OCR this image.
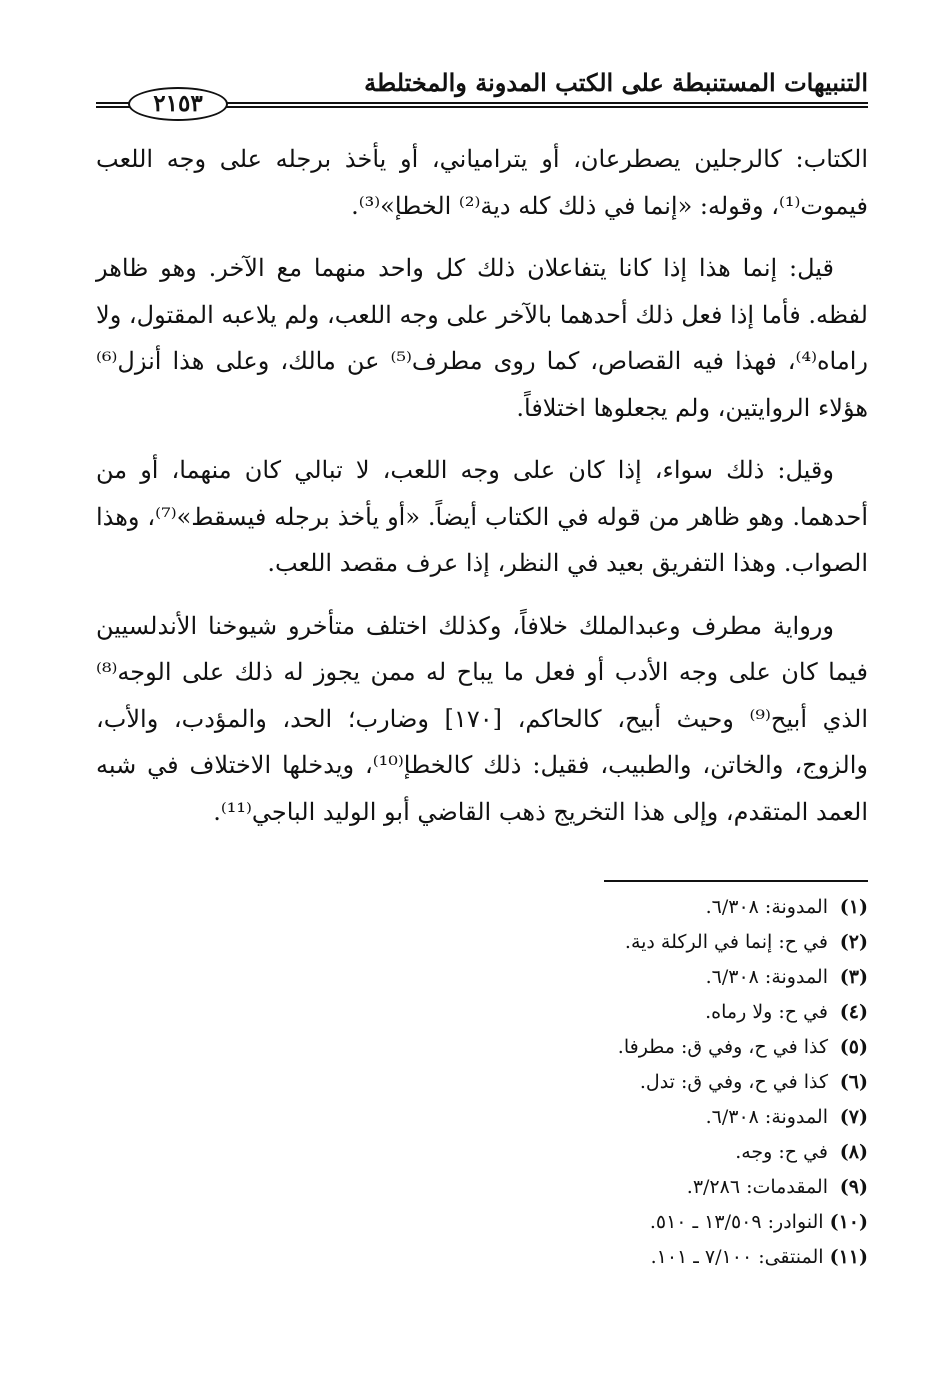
التنبيهات المستنبطة على الكتب المدونة والمختلطة
٢١٥٣

الكتاب: كالرجلين يصطرعان، أو يترامياني، أو يأخذ برجله على وجه اللعب فيموت⁽¹⁾، وقوله: «إنما في ذلك كله دية⁽²⁾ الخطإ»⁽³⁾.

قيل: إنما هذا إذا كانا يتفاعلان ذلك كل واحد منهما مع الآخر. وهو ظاهر لفظه. فأما إذا فعل ذلك أحدهما بالآخر على وجه اللعب، ولم يلاعبه المقتول، ولا راماه⁽⁴⁾، فهذا فيه القصاص، كما روى مطرف⁽⁵⁾ عن مالك، وعلى هذا أنزل⁽⁶⁾ هؤلاء الروايتين، ولم يجعلوها اختلافاً.

وقيل: ذلك سواء، إذا كان على وجه اللعب، لا تبالي كان منهما، أو من أحدهما. وهو ظاهر من قوله في الكتاب أيضاً. «أو يأخذ برجله فيسقط»⁽⁷⁾، وهذا الصواب. وهذا التفريق بعيد في النظر، إذا عرف مقصد اللعب.

ورواية مطرف وعبدالملك خلافاً، وكذلك اختلف متأخرو شيوخنا الأندلسيين فيما كان على وجه الأدب أو فعل ما يباح له ممن يجوز له ذلك على الوجه⁽⁸⁾ الذي أبيح⁽⁹⁾ وحيث أبيح، كالحاكم، [١٧٠] وضارب؛ الحد، والمؤدب، والأب، والزوج، والخاتن، والطبيب، فقيل: ذلك كالخطإ⁽¹⁰⁾، ويدخلها الاختلاف في شبه العمد المتقدم، وإلى هذا التخريج ذهب القاضي أبو الوليد الباجي⁽¹¹⁾.

(١)المدونة: ٦/٣٠٨.
(٢)في ح: إنما في الركلة دية.
(٣)المدونة: ٦/٣٠٨.
(٤)في ح: ولا رماه.
(٥)كذا في ح، وفي ق: مطرفا.
(٦)كذا في ح، وفي ق: تدل.
(٧)المدونة: ٦/٣٠٨.
(٨)في ح: وجه.
(٩)المقدمات: ٣/٢٨٦.
(١٠)النوادر: ١٣/٥٠٩ ـ ٥١٠.
(١١)المنتقى: ٧/١٠٠ ـ ١٠١.
